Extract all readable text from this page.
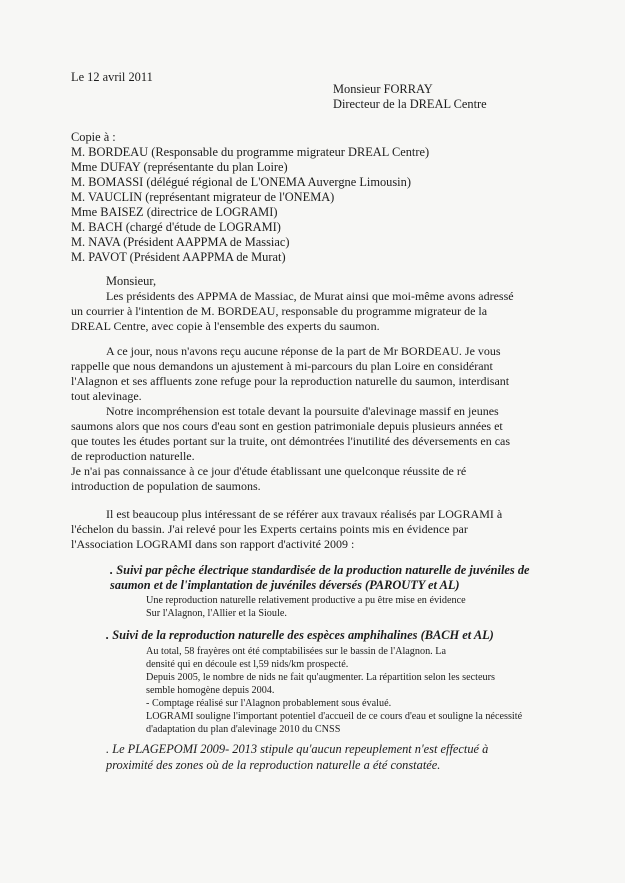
Le 12 avril 2011
Monsieur FORRAY
Directeur de la DREAL Centre
Copie à :
M. BORDEAU (Responsable du programme migrateur DREAL Centre)
Mme DUFAY (représentante du plan Loire)
M. BOMASSI (délégué régional de L'ONEMA Auvergne Limousin)
M. VAUCLIN (représentant migrateur de l'ONEMA)
Mme BAISEZ (directrice de LOGRAMI)
M. BACH (chargé d'étude de LOGRAMI)
M. NAVA (Président AAPPMA de Massiac)
M. PAVOT (Président AAPPMA de Murat)
Monsieur,
Les présidents des APPMA de Massiac, de Murat ainsi que moi-même avons adressé
un courrier à l'intention de M. BORDEAU, responsable du programme migrateur de la
DREAL Centre, avec copie à l'ensemble des experts du saumon.
A ce jour, nous n'avons reçu aucune réponse de la part de Mr BORDEAU. Je vous
rappelle que nous demandons un ajustement à mi-parcours du plan Loire en considérant
l'Alagnon et ses affluents zone refuge pour la reproduction naturelle du saumon, interdisant
tout alevinage.
Notre incompréhension est totale devant la poursuite d'alevinage massif en jeunes
saumons alors que nos cours d'eau sont en gestion patrimoniale depuis plusieurs années et
que toutes les études portant sur la truite, ont démontrées l'inutilité des déversements en cas
de reproduction naturelle.
Je n'ai pas connaissance à ce jour d'étude établissant une quelconque réussite de ré
introduction de population de saumons.
Il est beaucoup plus intéressant de se référer aux travaux réalisés par LOGRAMI à
l'échelon du bassin. J'ai relevé pour les Experts certains points mis en évidence par
l'Association LOGRAMI dans son rapport d'activité 2009 :
. Suivi par pêche électrique standardisée de la production naturelle de juvéniles de
saumon et de l'implantation de juvéniles déversés (PAROUTY et AL)
Une reproduction naturelle relativement productive a pu être mise en évidence
Sur l'Alagnon, l'Allier et la Sioule.
. Suivi de la reproduction naturelle des espèces amphihalines (BACH et AL)
Au total, 58 frayères ont été comptabilisées sur le bassin de l'Alagnon. La
densité qui en découle est l,59 nids/km prospecté.
Depuis 2005, le nombre de nids ne fait qu'augmenter. La répartition selon les secteurs
semble homogène depuis 2004.
- Comptage réalisé sur l'Alagnon probablement sous évalué.
LOGRAMI souligne l'important potentiel d'accueil de ce cours d'eau et souligne la nécessité
d'adaptation du plan d'alevinage 2010 du CNSS
. Le PLAGEPOMI 2009- 2013 stipule qu'aucun repeuplement n'est effectué à
proximité des zones où de la reproduction naturelle a été constatée.
